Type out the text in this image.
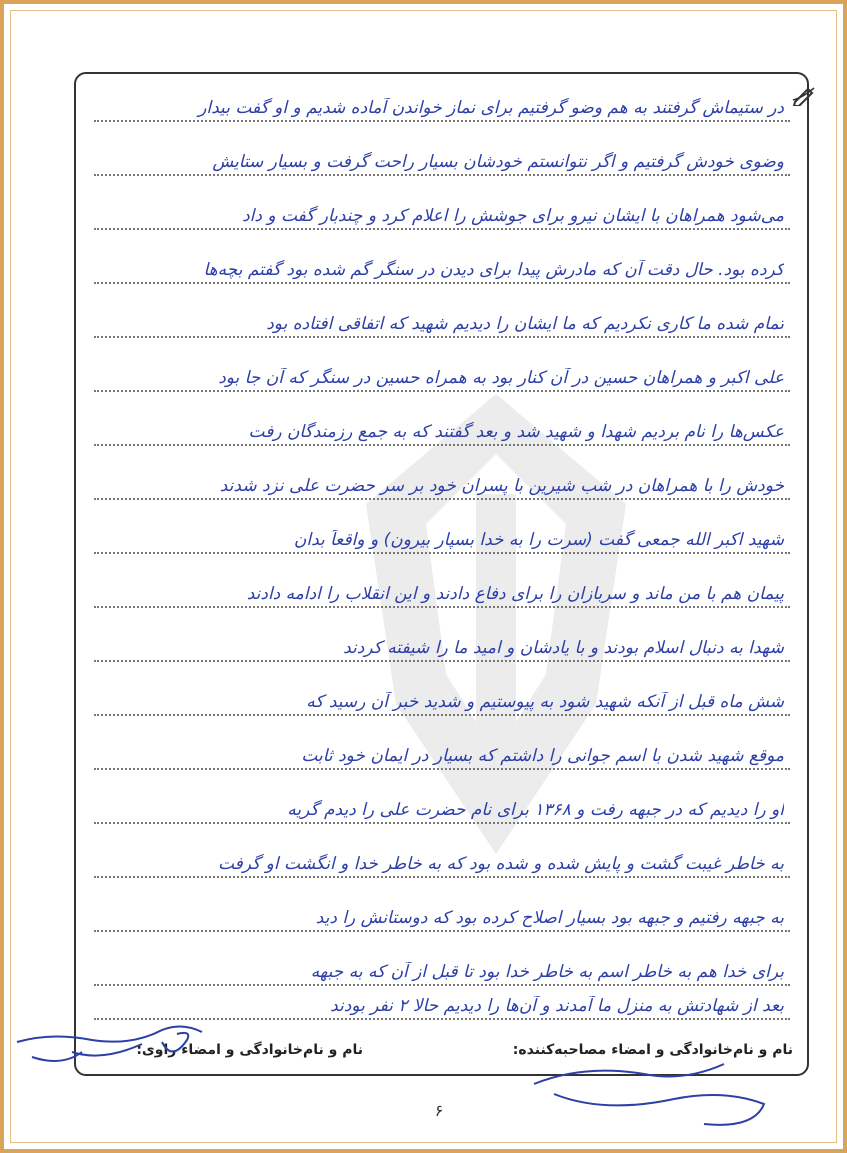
در ستیماش گرفتند به هم وضو گرفتیم برای نماز خواندن آماده شدیم و او گفت بیدار
وضوی خودش گرفتیم و اگر نتوانستم خودشان بسیار راحت گرفت و بسیار ستایش
می‌شود همراهان با ایشان نیرو برای جوشش را اعلام کرد و چندبار گفت و داد
کرده بود. حال دقت آن که مادرش پیدا برای دیدن در سنگر گم شده بود گفتم بچه‌ها
تمام شده ما کاری نکردیم که ما ایشان را دیدیم شهید که اتفاقی افتاده بود
علی اکبر و همراهان حسین در آن کنار بود به همراه حسین در سنگر که آن جا بود
عکس‌ها را نام بردیم شهدا و شهید شد و بعد گفتند که به جمع رزمندگان رفت
خودش را با همراهان در شب شیرین با پسران خود بر سر حضرت علی نزد شدند
شهید اکبر الله جمعی گفت (سرت را به خدا بسپار بیرون) و واقعاً بدان
پیمان هم با من ماند و سربازان را برای دفاع دادند و این انقلاب را ادامه دادند
شهدا به دنبال اسلام بودند و با یادشان و امید ما را شیفته کردند
شش ماه قبل از آنکه شهید شود به پیوستیم و شدید خبر آن رسید که
موقع شهید شدن با اسم جوانی را داشتم که بسیار در ایمان خود ثابت
او را دیدیم که در جبهه رفت و ۱۳۶۸ برای نام حضرت علی را دیدم گریه
به خاطر غیبت گشت و پایش شده و شده بود که به خاطر خدا و انگشت او گرفت
به جبهه رفتیم و جبهه بود بسیار اصلاح کرده بود که دوستانش را دید
برای خدا هم به خاطر اسم به خاطر خدا بود تا قبل از آن که به جبهه
بعد از شهادتش به منزل ما آمدند و آن‌ها را دیدیم حالا ۲ نفر بودند
نام و نام‌خانوادگی و امضاء مصاحبه‌کننده:
نام و نام‌خانوادگی و امضاء راوی:
۶
